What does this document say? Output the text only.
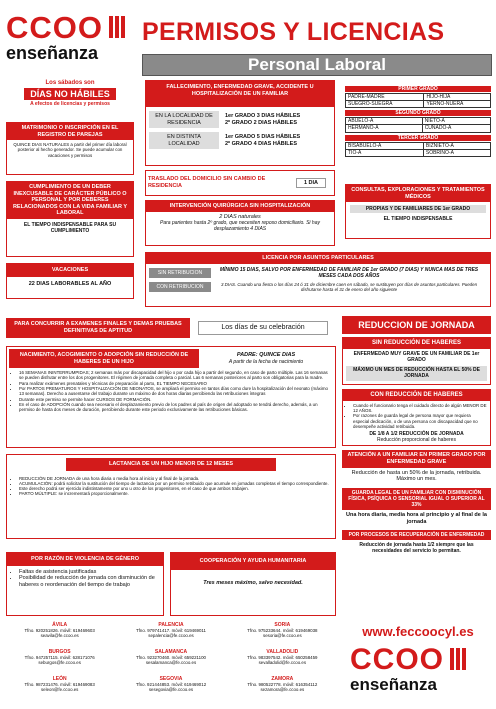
CCOO
enseñanza
PERMISOS Y LICENCIAS
Personal Laboral
Los sábados son
DÍAS NO HÁBILES
A efectos de licencias y permisos
MATRIMONIO O INSCRIPCIÓN EN EL REGISTRO DE PAREJAS
QUINCE DIAS NATURALES a partir del primer día laboral posterior al hecho generador. Se puede acumular con vacaciones y permisos
CUMPLIMIENTO DE UN DEBER INEXCUSABLE DE CARÁCTER PÚBLICO O PERSONAL Y POR DEBERES RELACIONADOS CON LA VIDA FAMILIAR Y LABORAL
EL TIEMPO INDISPENSABLE PARA SU CUMPLIMIENTO
FALLECIMIENTO, ENFERMEDAD GRAVE, ACCIDENTE U HOSPITALIZACIÓN DE UN FAMILIAR
EN LA LOCALIDAD DE RESIDENCIA
1er GRADO 3 DIAS HÁBILES
2º GRADO 2 DIAS HÁBILES
EN DISTINTA LOCALIDAD
1er GRADO 5 DIAS HÁBILES
2º GRADO 4 DIAS HÁBILES
PRIMER GRADO
PADRE-MADRE	HIJO-HIJA
SUEGRO-SUEGRA	YERNO-NUERA
SEGUNDO GRADO
ABUELO-A	NIETO-A
HERMANO-A	CUÑADO-A
TERCER GRADO
BISABUELO-A	BIZNIETO-A
TIO-A	SOBRINO-A
TRASLADO DEL DOMICILIO SIN CAMBIO DE RESIDENCIA
1 DIA
INTERVENCIÓN QUIRÚRGICA SIN HOSPITALIZACIÓN
2 DIAS naturales
Para parientes hasta 2º grado, que necesiten reposo domiciliario. Si hay desplazamiento 4 DIAS
CONSULTAS, EXPLORACIONES Y TRATAMIENTOS MÉDICOS
PROPIAS Y DE FAMILIARES DE 1er GRADO
EL TIEMPO INDISPENSABLE
VACACIONES
22 DIAS LABORABLES AL AÑO
LICENCIA POR ASUNTOS PARTICULARES
SIN RETRIBUCION
MÍNIMO 15 DIAS, SALVO POR ENFERMEDAD DE FAMILIAR DE 1er GRADO (7 DIAS) Y NUNCA MAS DE TRES MESES CADA DOS AÑOS
CON RETRIBUCION	3 DIAS. Cuando una fiesta o los días 24 ó 31 de diciembre caen en sábado, se sustituyen por días de asuntos particulares. Pueden disfrutarse hasta el 31 de enero del año siguiente
PARA CONCURRIR A EXAMENES FINALES Y DEMAS PRUEBAS DEFINITIVAS DE APTITUD
Los días de su celebración
NACIMIENTO, ACOGIMIENTO O ADOPCIÓN SIN REDUCCIÓN DE HABERES DE UN HIJO
PADRE: QUINCE DIAS
A partir de la fecha de nacimiento
• 16 SEMANAS ININTERRUMPIDAS; 2 semanas más por discapacidad del hijo o por cada hijo a partir del segundo, en caso de parto múltiple. Las 16 semanas se pueden disfrutar entre los dos progenitores. El régimen de jornada completa o parcial. Las 6 semanas posteriores al parto son obligatorias para la madre.
• Para realizar exámenes prenatales y técnicas de preparación al parto, EL TIEMPO NECESARIO
• Por PARTOS PREMATUROS Y HOSPITALIZACIÓN DE NEONATOS, se ampliará el permiso en tantos días como dure la hospitalización del neonato (máximo 13 semanas). Derecho a ausentarse del trabajo durante un máximo de dos horas diarias percibiendo las retribuciones íntegras
• Durante este permiso se permite hacer CURSOS DE FORMACIÓN.
• En el caso de ADOPCIÓN cuando sea necesario el desplazamiento previo de los padres al país de origen del adoptado se tendrá derecho, además, a un permiso de hasta dos meses de duración, percibiendo durante este periodo exclusivamente las retribuciones básicas.
LACTANCIA DE UN HIJO MENOR DE 12 MESES
• REDUCCIÓN DE JORNADA de una hora diaria o media hora al inicio y al final de la jornada.
• ACUMULACIÓN: podrá solicitar la sustitución del tiempo de lactancia por un permiso retribuido que acumule en jornadas completas el tiempo correspondiente.
• Este derecho podrá ser ejercido indistintamente por uno u otro de los progenitores, en el caso de que ambos trabajen.
• PARTO MÚLTIPLE: se incrementará proporcionalmente.
POR RAZÓN DE VIOLENCIA DE GÉNERO
• Faltas de asistencia justificadas
• Posibilidad de reducción de jornada con disminución de haberes o reordenación del tiempo de trabajo
COOPERACIÓN Y AYUDA HUMANITARIA
Tres meses máximo, salvo necesidad.
REDUCCION DE JORNADA
SIN REDUCCIÓN DE HABERES
ENFERMEDAD MUY GRAVE DE UN FAMILIAR DE 1er GRADO
MÁXIMO UN MES DE REDUCCIÓN HASTA EL 50% DE JORNADA
CON REDUCCIÓN DE HABERES
• Cuando el funcionario tenga el cuidado directo de algún MENOR DE 12 AÑOS.
• Por razones de guarda legal de persona mayor que requiera especial dedicación, o de una persona con discapacidad que no desempeñe actividad retribuida.
DE 1/8 A 1/2 REDUCCIÓN DE JORNADA
Reducción proporcional de haberes
ATENCIÓN A UN FAMILIAR EN PRIMER GRADO POR ENFERMEDAD GRAVE
Reducción de hasta un 50% de la jornada, retribuida. Máximo un mes.
GUARDA LEGAL DE UN FAMILIAR CON DISMINUCIÓN FÍSICA, PSÍQUICA O SENSORIAL IGUAL O SUPERIOR AL 33%
Una hora diaria, media hora al principio y al final de la jornada
POR PROCESOS DE RECUPERACIÓN DE ENFERMEDAD
Reducción de jornada hasta 1/2 siempre que las necesidades del servicio lo permitan.
ÁVILA
Tfno. 920251826. móvil: 619469603
seavila@fe.ccoo.es
PALENCIA
Tfno. 979741417. móvil: 619469011
sepalencia@fe.ccoo.es
SORIA
Tfno. 975233644. móvil: 619469038
sesoria@fe.ccoo.es
BURGOS
Tfno. 947257115. móvil: 628171076
seburgos@fe.ccoo.es
SALAMANCA
Tfno. 923270460. móvil: 659221100
sesalamanca@fe.ccoo.es
VALLADOLID
Tfno. 983397542. móvil: 650258459
sevalladolid@fe.ccoo.es
LEÓN
Tfno. 987231476. móvil: 619469083
seleon@fe.ccoo.es
SEGOVIA
Tfno. 921444853. móvil: 619469012
sesegovia@fe.ccoo.es
ZAMORA
Tfno. 980522778. móvil: 616354112
sezamora@fe.ccoo.es
www.feccoocyl.es
CCOO
enseñanza
